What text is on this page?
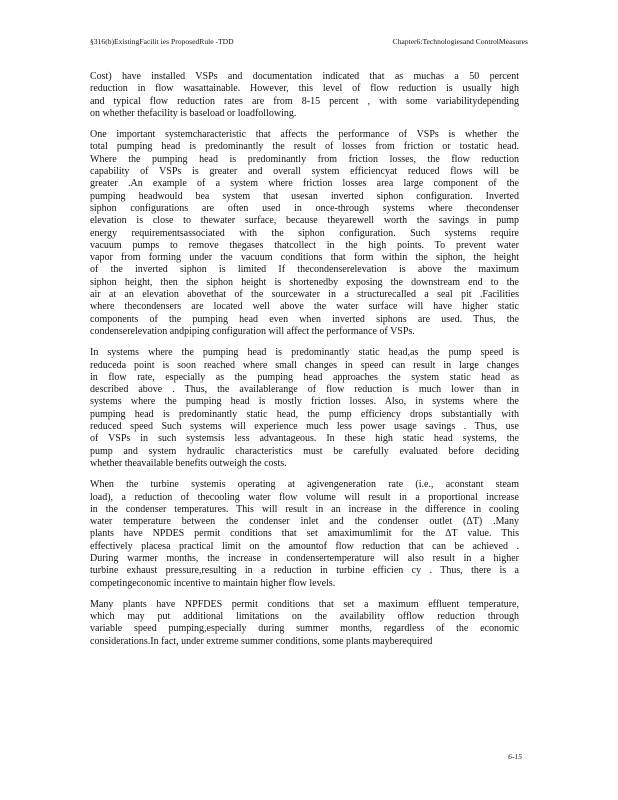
§316(b)ExistingFacilit ies ProposedRule -TDD	Chapter6:Technologiesand ControlMeasures
Cost) have installed VSPs and documentation indicated that as muchas a 50 percent
reduction in flow wasattainable. However, this level of flow reduction is usually high
and typical flow reduction rates are from 8-15 percent , with some variabilitydepending
on whether thefacility is baseload or loadfollowing.
One important systemcharacteristic that affects the performance of VSPs is whether the
total pumping head is predominantly the result of losses from friction or tostatic head.
Where the pumping head is predominantly from friction losses, the flow reduction
capability of VSPs is greater and overall system efficiencyat reduced flows will be
greater .An example of a system where friction losses area large component of the
pumping headwould bea system that usesan inverted siphon configuration. Inverted
siphon configurations are often used in once-through systems where thecondenser
elevation is close to thewater surface, because theyarewell worth the savings in pump
energy requirementsassociated with the siphon configuration. Such systems require
vacuum pumps to remove thegases thatcollect in the high points. To prevent water
vapor from forming under the vacuum conditions that form within the siphon, the height
of the inverted siphon is limited If thecondenserelevation is above the maximum
siphon height, then the siphon height is shortenedby exposing the downstream end to the
air at an elevation abovethat of the sourcewater in a structurecalled a seal pit .Facilities
where thecondensers are located well above the water surface will have higher static
components of the pumping head even when inverted siphons are used. Thus, the
condenserelevation andpiping configuration will affect the performance of VSPs.
In systems where the pumping head is predominantly static head,as the pump speed is
reduceda point is soon reached where small changes in speed can result in large changes
in flow rate, especially as the pumping head approaches the system static head as
described above . Thus, the availablerange of flow reduction is much lower than in
systems where the pumping head is mostly friction losses. Also, in systems where the
pumping head is predominantly static head, the pump efficiency drops substantially with
reduced speed Such systems will experience much less power usage savings . Thus, use
of VSPs in such systemsis less advantageous. In these high static head systems, the
pump and system hydraulic characteristics must be carefully evaluated before deciding
whether theavailable benefits outweigh the costs.
When the turbine systemis operating at agivengeneration rate (i.e., aconstant steam
load), a reduction of thecooling water flow volume will result in a proportional increase
in the condenser temperatures. This will result in an increase in the difference in cooling
water temperature between the condenser inlet and the condenser outlet (ΔT) .Many
plants have NPDES permit conditions that set amaximumlimit for the ΔT value. This
effectively placesa practical limit on the amountof flow reduction that can be achieved .
During warmer months, the increase in condensertemperature will also result in a higher
turbine exhaust pressure,resulting in a reduction in turbine efficien cy . Thus, there is a
competingeconomic incentive to maintain higher flow levels.
Many plants have NPFDES permit conditions that set a maximum effluent temperature,
which may put additional limitations on the availability offlow reduction through
variable speed pumping,especially during summer months, regardless of the economic
considerations.In fact, under extreme summer conditions, some plants mayberequired
6-15
